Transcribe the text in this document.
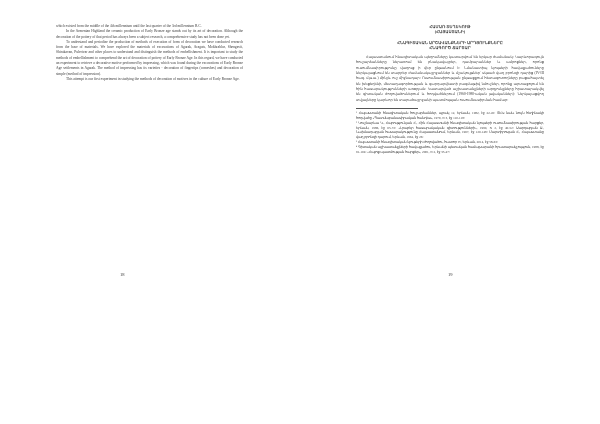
which existed from the middle of the 4th millennium until the last quarter of the 3rd millennium B.C.

In the Armenian Highland the ceramic production of Early Bronze age stands out by its art of decoration. Although the decoration of the pottery of that period has always been a subject research, a comprehensive study has not been done yet.

To understand and periodize the production of methods of execution of form of decoration we have conducted research from the base of materials. We have explored the materials of excavations of Agarak, Aragats, Mokhrablur, Shengavit, Shirakavan, Pulerivar and other places to understand and distinguish the methods of embellishment. It is important to study the methods of embellishment to comprehend the art of decoration of pottery of Early Bronze Age. In this regard, we have conducted an experiment to retrieve a decorative motive performed by impressing, which was found during the excavations of Early Bronze Age settlements in Agarak. The method of impressing has its varieties - decoration of fingertips (comeshes) and decoration of simple (method of impression).

This attempt is our first experiment in studying the methods of decoration of motives in the culture of Early Bronze Age.

18

ՀԱՄԱՌ ՏԵՂԵԿՈՒԹ

(ՀԱՅԱՍՏԱՆԻ)

ՀՆԱԳԻՏԱԿԱՆ ԱՐՇԱՎԱՆՔՆԵՐԻ ԱՐԴՅՈՒՆՔՆԵՐԸ

ՀՆԱԳՈՐԾ ՃԱՐՏԱՐ

Հայաստանում հնագիտական պեղումները կատարվում են երկար ժամանակ։ Կարևորագույն հուշարձանները ներառում են բնակավայրեր, դամբարաններ և ամրոցներ, որոնց ուսումնասիրությունը վաղուց ի վեր ընթանում է։ Նմանատիպ նյութերի հավաքածուները ներկայացնում են տարբեր ժամանակաշրջաններ և մշակույթներ՝ սկսած վաղ բրոնզի դարից (IV-III հազ. մ.թ.ա.) մինչև ուշ միջնադար։ Ուսումնասիրության ընթացքում հետազոտողները բացահայտել են խեցեղենի, մետաղագործության և զարդարվեստի բազմաթիվ նմուշներ, որոնք արտացոլում են հին հասարակությունների առօրյան։ Կատարված աշխատանքների արդյունքները հրատարակվել են գիտական ժողովածուներում և հոդվածներում (1960-1980-ական թվականներ)։ Ներկայացվող տվյալները կարևոր են տարածաշրջանի պատմության ուսումնասիրման համար։

¹ Հայաստանի հնագիտական հուշարձաններ, պրակ 12, Երևան, 1982, էջ 22-45։ Տե՛ս նաև նույն հեղինակի հոդվածը «Պատմաբանասիրական հանդես», 1979, N 3, էջ 110-118։

² Կուշնարևա Կ., Հարությունյան Հ., Հին Հայաստանի հնագիտական նյութերի ուսումնասիրության հարցեր, Երևան, 1986, էջ 65-72։ «Լրաբեր հասարակական գիտությունների», 1990, N 2, էջ 40-52։ Սարդարյան Ս., Նախնադարյան հասարակությունը Հայաստանում, Երևան, 1967, էջ 120-148։ Մարտիրոսյան Հ., Հայաստանը վաղ բրոնզի դարում, Երևան, 1964, էջ 26։

³ Հայաստանի հնագիտական նյութերի ժողովածու, հատոր IV, Երևան, 2014, էջ 58-63։

⁴ Գիտական աշխատանքների հավաքածու, Երևանի պետական համալսարանի հրատարակչություն, 1988, էջ 91-104։ «Հայոց պատմության հարցեր», 2001, N 2, էջ 33-47։

19
